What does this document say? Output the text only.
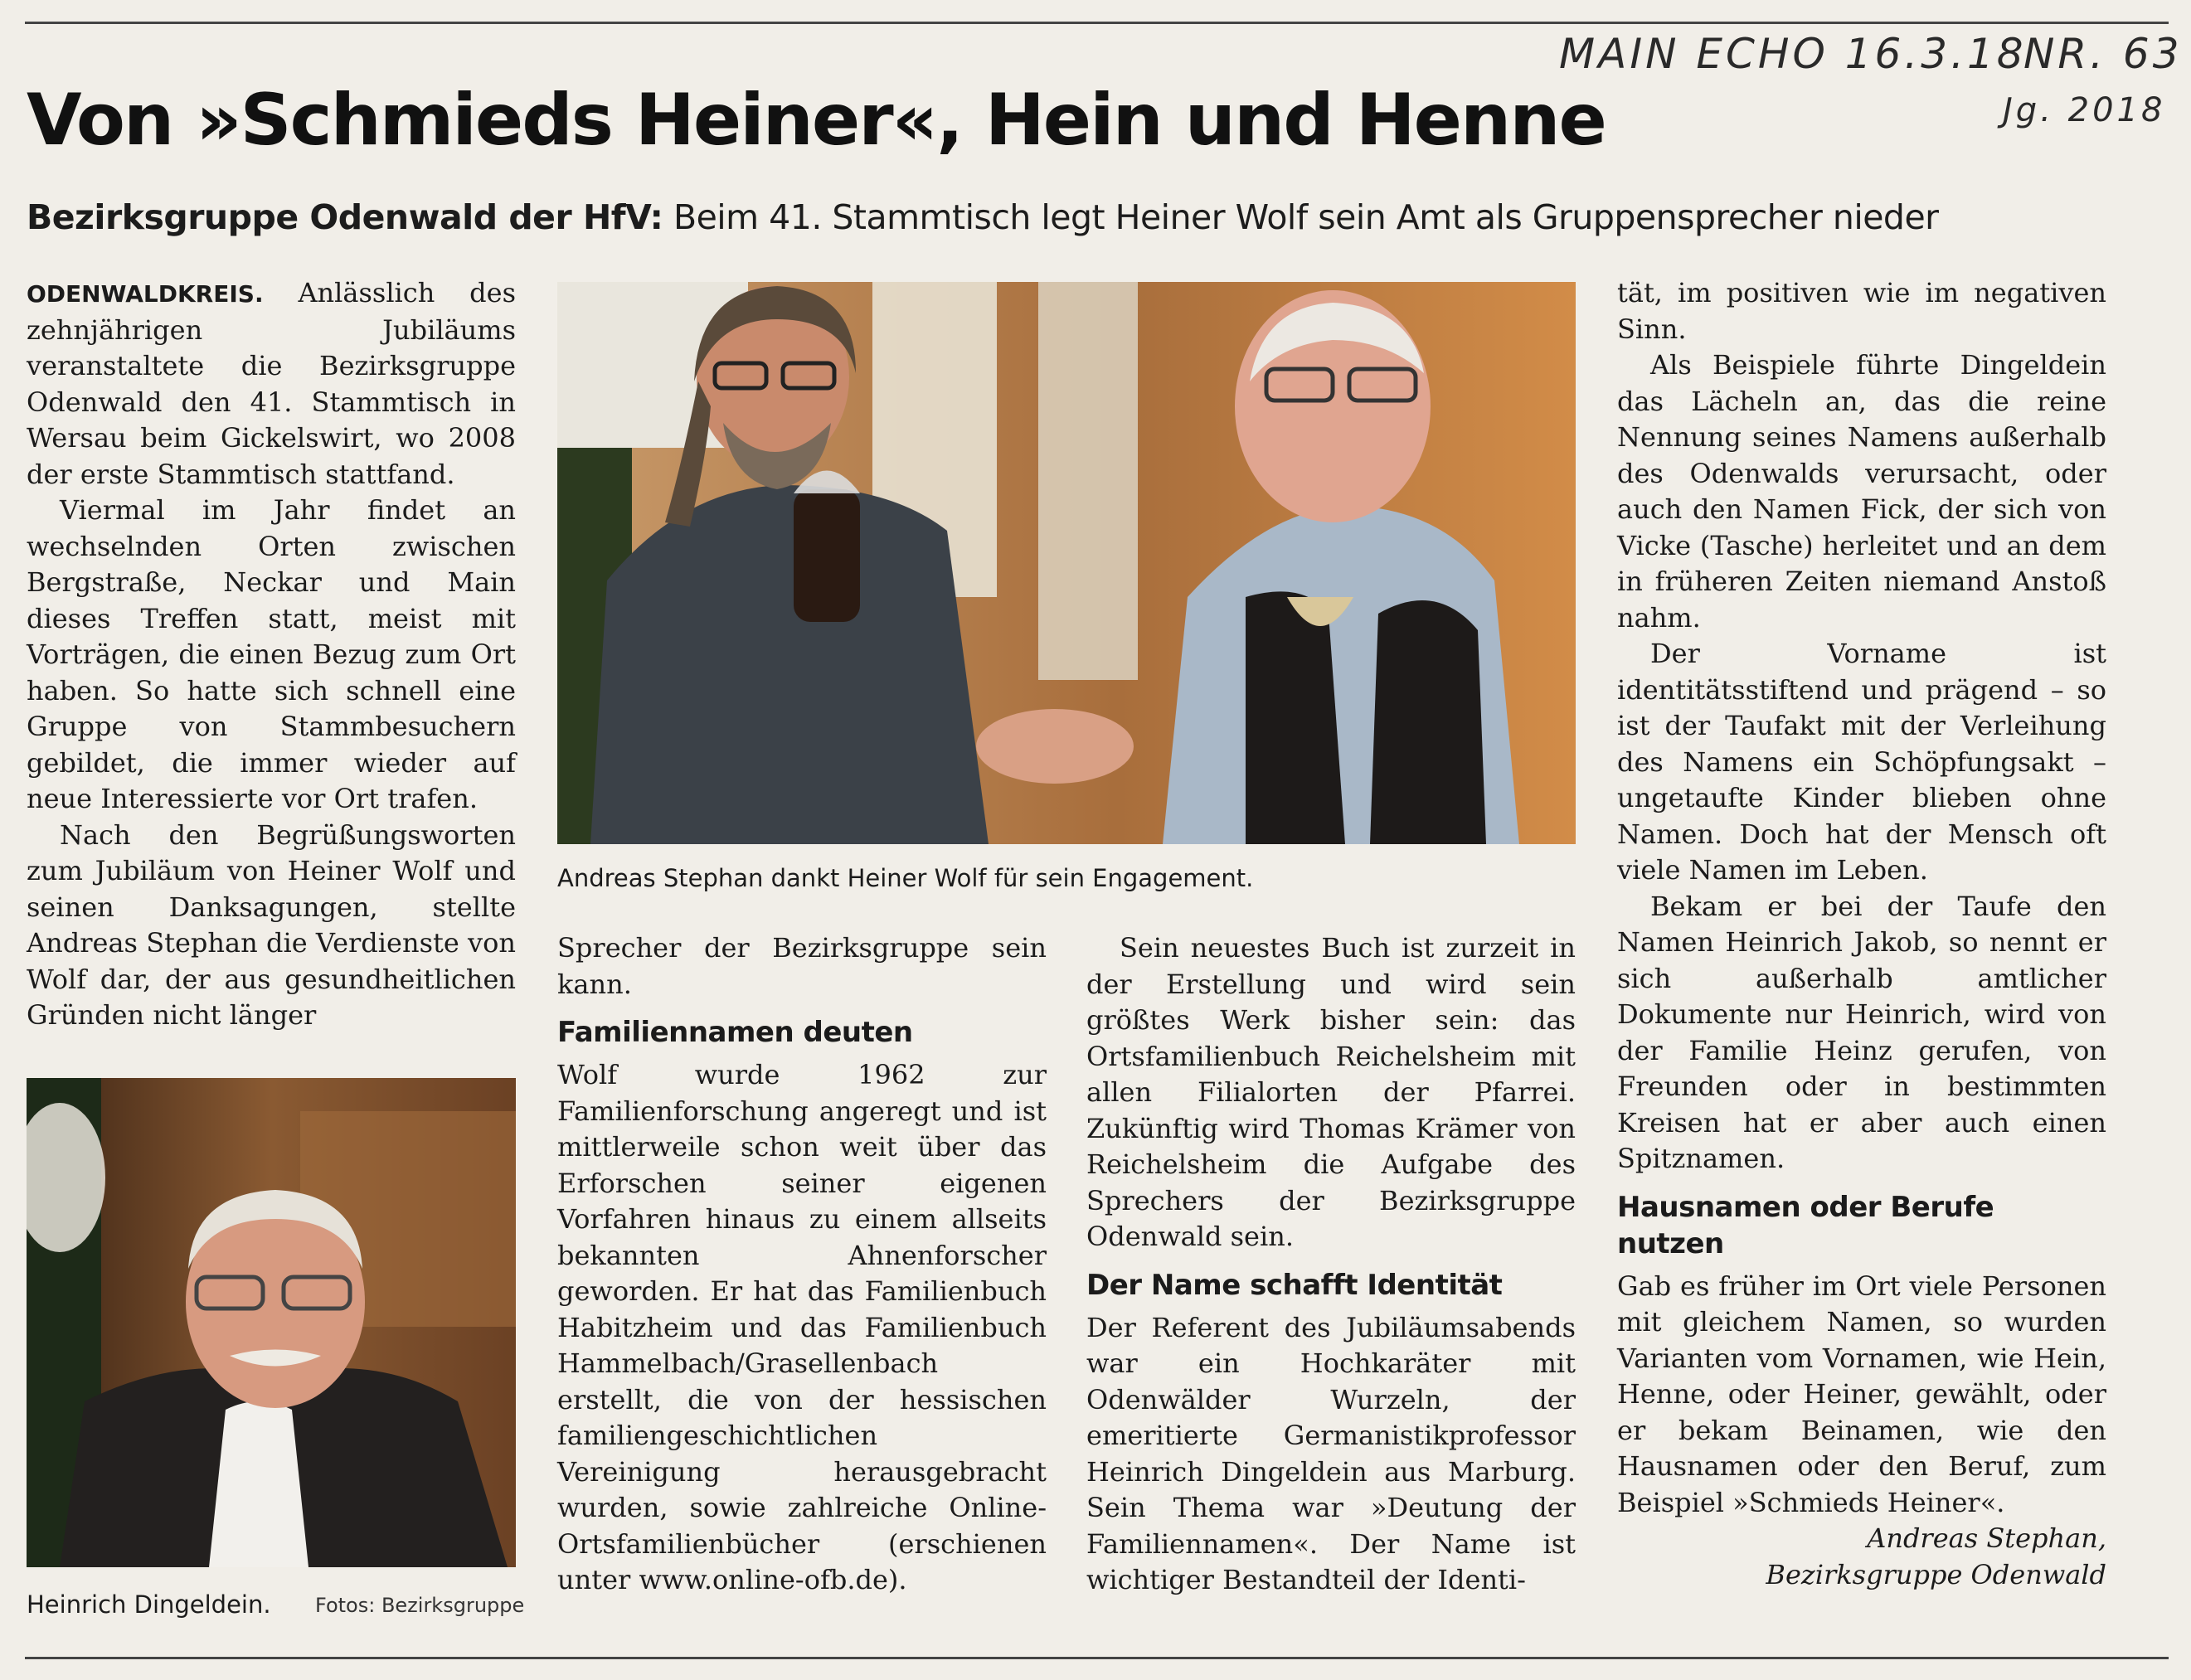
MAIN ECHO 16.3.18
NR. 63
Jg. 2018
Von »Schmieds Heiner«, Hein und Henne
Bezirksgruppe Odenwald der HfV: Beim 41. Stammtisch legt Heiner Wolf sein Amt als Gruppensprecher nieder

ODENWALDKREIS. Anlässlich des zehnjährigen Jubiläums veranstaltete die Bezirksgruppe Odenwald den 41. Stammtisch in Wersau beim Gickelswirt, wo 2008 der erste Stammtisch stattfand.

Viermal im Jahr findet an wechselnden Orten zwischen Bergstraße, Neckar und Main dieses Treffen statt, meist mit Vorträgen, die einen Bezug zum Ort haben. So hatte sich schnell eine Gruppe von Stammbesuchern gebildet, die immer wieder auf neue Interessierte vor Ort trafen.

Nach den Begrüßungsworten zum Jubiläum von Heiner Wolf und seinen Danksagungen, stellte Andreas Stephan die Verdienste von Wolf dar, der aus gesundheitlichen Gründen nicht länger

Heinrich Dingeldein. Fotos: Bezirksgruppe
Andreas Stephan dankt Heiner Wolf für sein Engagement.

Sprecher der Bezirksgruppe sein kann.

Familiennamen deuten

Wolf wurde 1962 zur Familienforschung angeregt und ist mittlerweile schon weit über das Erforschen seiner eigenen Vorfahren hinaus zu einem allseits bekannten Ahnenforscher geworden. Er hat das Familienbuch Habitzheim und das Familienbuch Hammelbach/Grasellenbach erstellt, die von der hessischen familiengeschichtlichen Vereinigung herausgebracht wurden, sowie zahlreiche Online-Ortsfamilienbücher (erschienen unter www.online-ofb.de).

Sein neuestes Buch ist zurzeit in der Erstellung und wird sein größtes Werk bisher sein: das Ortsfamilienbuch Reichelsheim mit allen Filialorten der Pfarrei. Zukünftig wird Thomas Krämer von Reichelsheim die Aufgabe des Sprechers der Bezirksgruppe Odenwald sein.

Der Name schafft Identität

Der Referent des Jubiläumsabends war ein Hochkaräter mit Odenwälder Wurzeln, der emeritierte Germanistikprofessor Heinrich Dingeldein aus Marburg. Sein Thema war »Deutung der Familiennamen«. Der Name ist wichtiger Bestandteil der Identi-

tät, im positiven wie im negativen Sinn.

Als Beispiele führte Dingeldein das Lächeln an, das die reine Nennung seines Namens außerhalb des Odenwalds verursacht, oder auch den Namen Fick, der sich von Vicke (Tasche) herleitet und an dem in früheren Zeiten niemand Anstoß nahm.

Der Vorname ist identitätsstiftend und prägend – so ist der Taufakt mit der Verleihung des Namens ein Schöpfungsakt – ungetaufte Kinder blieben ohne Namen. Doch hat der Mensch oft viele Namen im Leben.

Bekam er bei der Taufe den Namen Heinrich Jakob, so nennt er sich außerhalb amtlicher Dokumente nur Heinrich, wird von der Familie Heinz gerufen, von Freunden oder in bestimmten Kreisen hat er aber auch einen Spitznamen.

Hausnamen oder Berufe nutzen

Gab es früher im Ort viele Personen mit gleichem Namen, so wurden Varianten vom Vornamen, wie Hein, Henne, oder Heiner, gewählt, oder er bekam Beinamen, wie den Hausnamen oder den Beruf, zum Beispiel »Schmieds Heiner«.

Andreas Stephan,

Bezirksgruppe Odenwald
